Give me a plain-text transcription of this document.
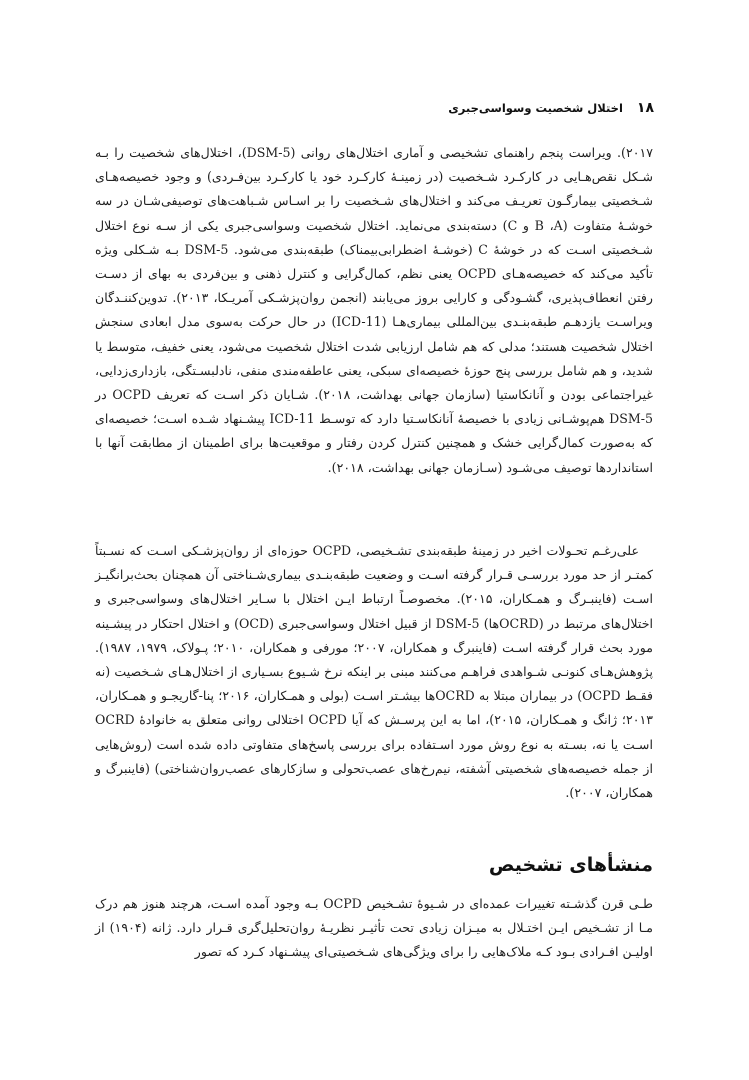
۱۸
اختلال شخصیت وسواسی‌جبری

۲۰۱۷). ویراست پنجم راهنمای تشخیصی و آماری اختلال‌های روانی (DSM-5)، اختلال‌های شخصیت را بـه شـکل نقص‌هـایی در کارکـرد شـخصیت (در زمینـهٔ کارکـرد خود یا کارکـرد بین‌فـردی) و وجود خصیصه‌هـای شـخصیتی بیمارگـون تعریـف می‌کند و اختلال‌های شـخصیت را بر اسـاس شـباهت‌های توصیفی‌شـان در سه خوشـهٔ متفاوت (B ،A و C) دسته‌بندی می‌نماید. اختلال شخصیت وسواسی‌جبری یکی از سـه نوع اختلال شـخصیتی اسـت که در خوشهٔ C (خوشـهٔ اضطرابی‌بیمناک) طبقه‌بندی می‌شود. DSM-5 بـه شـکلی ویژه تأکید می‌کند که خصیصه‌هـای OCPD یعنی نظم، کمال‌گرایی و کنترل ذهنی و بین‌فردی به بهای از دسـت رفتن انعطاف‌پذیری، گشـودگی و کارایی بروز می‌یابند (انجمن روان‌پزشـکی آمریـکا، ۲۰۱۳). تدوین‌کننـدگان ویراسـت یازدهـم طبقه‌بنـدی بین‌المللی بیماری‌هـا (ICD-11) در حال حرکت به‌سوی مدل ابعادی سنجش اختلال شخصیت هستند؛ مدلی که هم شامل ارزیابی شدت اختلال شخصیت می‌شود، یعنی خفیف، متوسط یا شدید، و هم شامل بررسی پنج حوزهٔ خصیصه‌ای سبکی، یعنی عاطفه‌مندی منفی، نادلبسـتگی، بازداری‌زدایی، غیراجتماعی بودن و آنانکاستیا (سازمان جهانی بهداشت، ۲۰۱۸). شـایان ذکر اسـت که تعریف OCPD در DSM-5 هم‌پوشـانی زیادی با خصیصهٔ آنانکاسـتیا دارد که توسـط ICD-11 پیشـنهاد شـده اسـت؛ خصیصه‌ای که به‌صورت کمال‌گرایی خشک و همچنین کنترل کردن رفتار و موقعیت‌ها برای اطمینان از مطابقت آنها با استانداردها توصیف می‌شـود (سـازمان جهانی بهداشت، ۲۰۱۸).

علی‌رغـم تحـولات اخیر در زمینهٔ طبقه‌بندی تشـخیصی، OCPD حوزه‌ای از روان‌پزشـکی اسـت که نسـبتاً کمتـر از حد مورد بررسـی قـرار گرفته اسـت و وضعیت طبقه‌بنـدی بیماری‌شـناختی آن همچنان بحث‌برانگیـز اسـت (فاینبـرگ و همـکاران، ۲۰۱۵). مخصوصـاً ارتباط ایـن اختلال با سـایر اختلال‌های وسواسی‌جبری و اختلال‌های مرتبط در (OCRDها) DSM-5 از قبیل اختلال وسواسی‌جبری (OCD) و اختلال احتکار در پیشـینه مورد بحث قرار گرفته اسـت (فاینبرگ و همکاران، ۲۰۰۷؛ مورفی و همکاران، ۲۰۱۰؛ پـولاک، ۱۹۷۹، ۱۹۸۷). پژوهش‌هـای کنونـی شـواهدی فراهـم می‌کنند مبنی بر اینکه نرخ شـیوع بسـیاری از اختلال‌هـای شـخصیت (نه فقـط OCPD) در بیماران مبتلا به OCRDها بیشـتر اسـت (بولی و همـکاران، ۲۰۱۶؛ پنا-گاریجـو و همـکاران، ۲۰۱۳؛ ژانگ و همـکاران، ۲۰۱۵)، اما به این پرسـش که آیا OCPD اختلالی روانی متعلق به خانوادهٔ OCRD اسـت یا نه، بسـته به نوع روش مورد اسـتفاده برای بررسی پاسخ‌های متفاوتی داده شده است (روش‌هایی از جمله خصیصه‌های شخصیتی آشفته، نیم‌رخ‌های عصب‌تحولی و سازکارهای عصب‌روان‌شناختی) (فاینبرگ و همکاران، ۲۰۰۷).

منشأهای تشخیص

طـی قرن گذشـته تغییرات عمده‌ای در شـیوهٔ تشـخیص OCPD بـه وجود آمده اسـت، هرچند هنوز هم درک مـا از تشـخیص ایـن اختـلال به میـزان زیادی تحت تأثیـر نظریـهٔ روان‌تحلیل‌گری قـرار دارد. ژانه (۱۹۰۴) از اولیـن افـرادی بـود کـه ملاک‌هایی را برای ویژگی‌های شـخصیتی‌ای پیشـنهاد کـرد که تصور
